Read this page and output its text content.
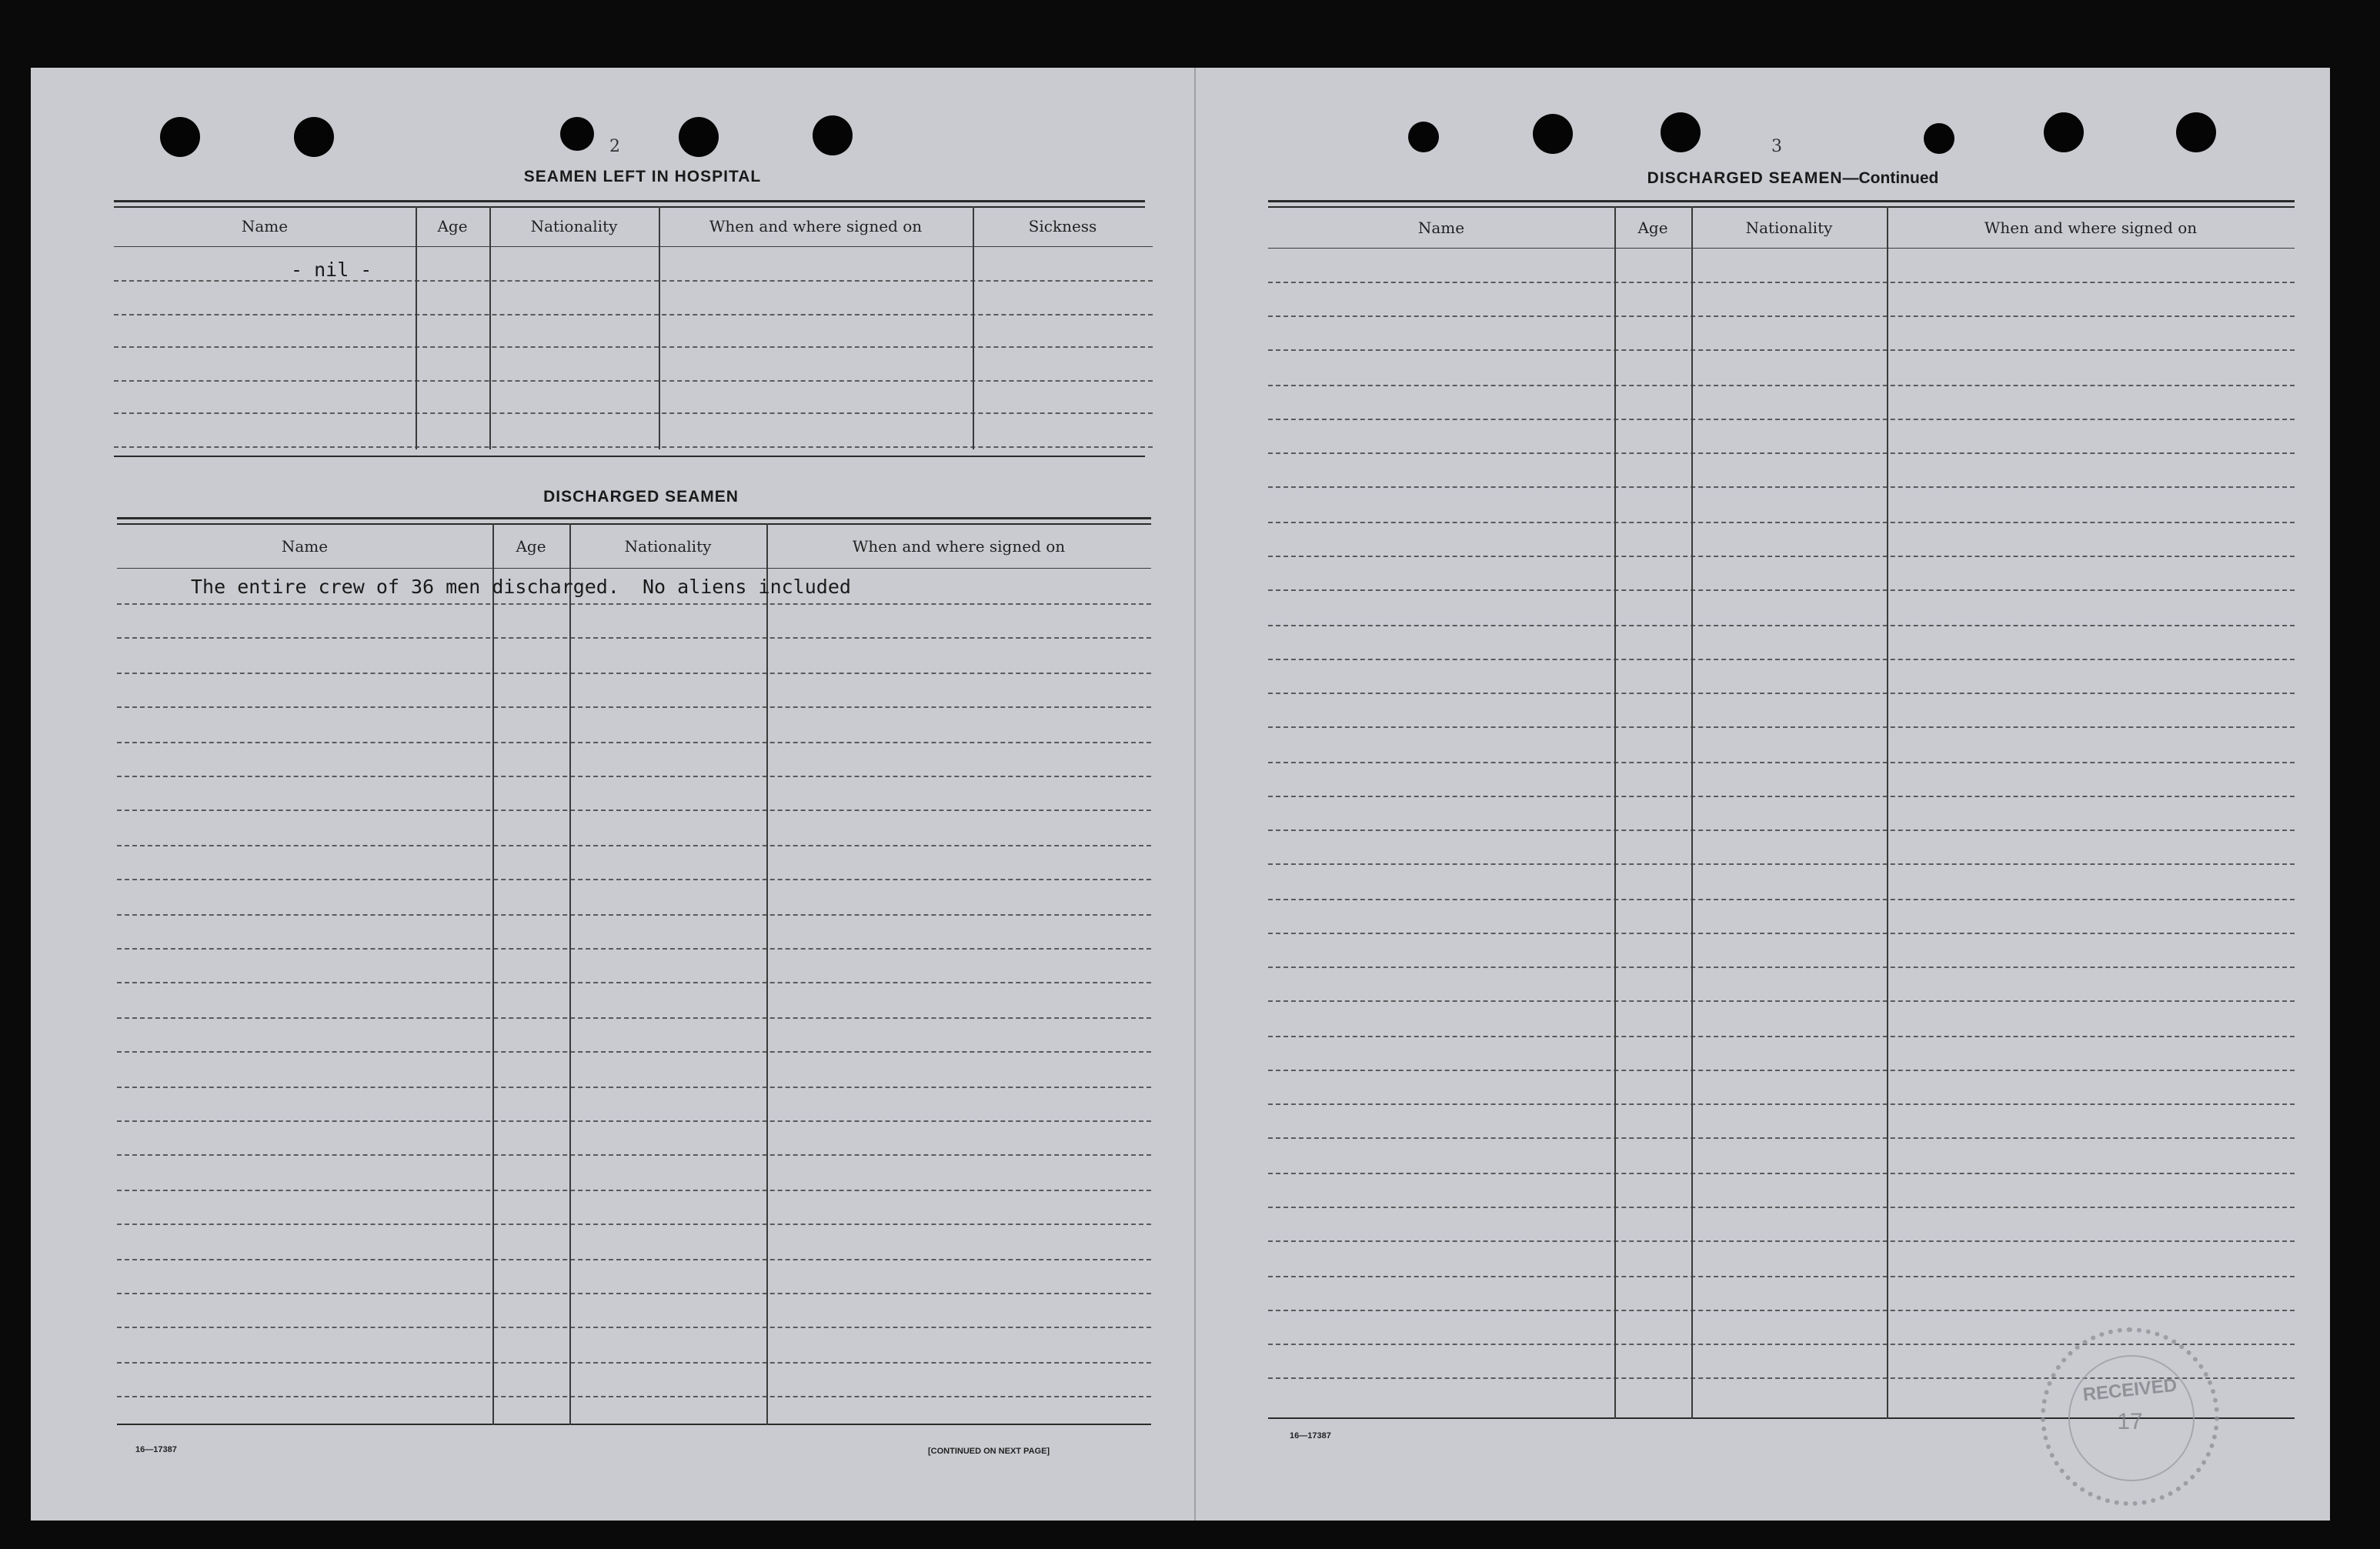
2
SEAMEN LEFT IN HOSPITAL
Name	Age	Nationality	When and where signed on	Sickness
- nil -
DISCHARGED SEAMEN
Name	Age	Nationality	When and where signed on
The entire crew of 36 men discharged.  No aliens included
16—17387	[CONTINUED ON NEXT PAGE]
3
DISCHARGED SEAMEN—Continued
Name	Age	Nationality	When and where signed on
16—17387
RECEIVED
17
